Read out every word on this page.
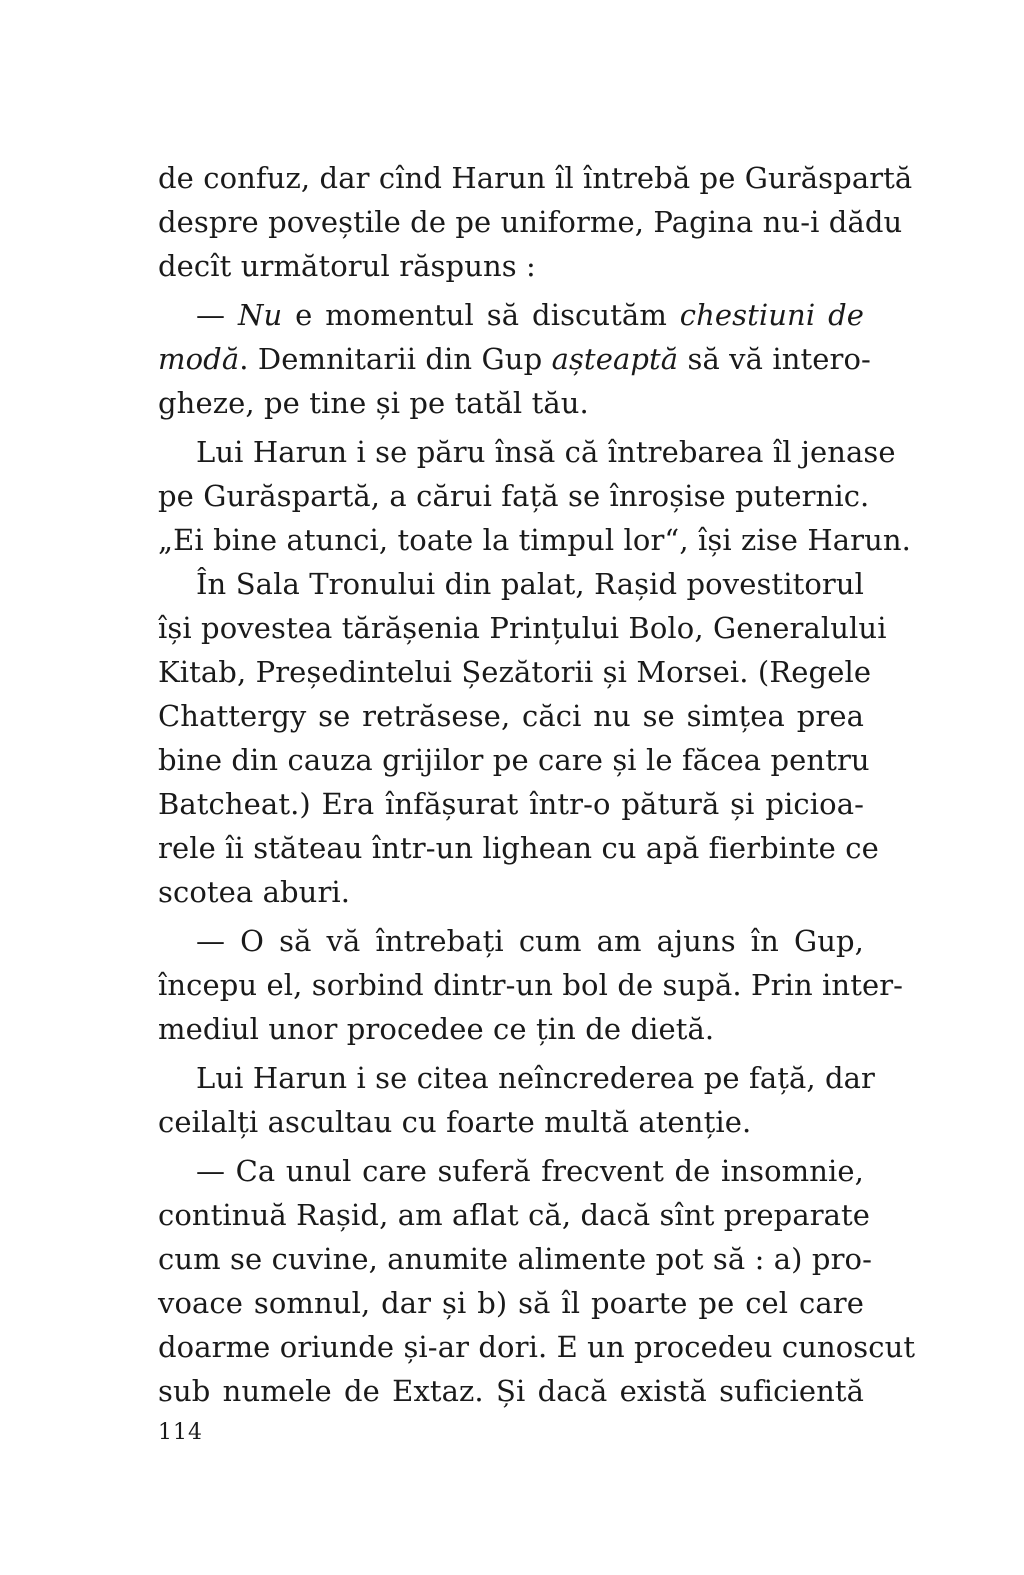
de confuz, dar cînd Harun îl întrebă pe Gurăspartă
despre poveștile de pe uniforme, Pagina nu-i dădu
decît următorul răspuns :
— Nu e momentul să discutăm chestiuni de
modă. Demnitarii din Gup așteaptă să vă intero-
gheze, pe tine și pe tatăl tău.
Lui Harun i se păru însă că întrebarea îl jenase
pe Gurăspartă, a cărui față se înroșise puternic.
„Ei bine atunci, toate la timpul lor“, își zise Harun.
În Sala Tronului din palat, Rașid povestitorul
își povestea tărășenia Prințului Bolo, Generalului
Kitab, Președintelui Șezătorii și Morsei. (Regele
Chattergy se retrăsese, căci nu se simțea prea
bine din cauza grijilor pe care și le făcea pentru
Batcheat.) Era înfășurat într-o pătură și picioa-
rele îi stăteau într-un lighean cu apă fierbinte ce
scotea aburi.
— O să vă întrebați cum am ajuns în Gup,
începu el, sorbind dintr-un bol de supă. Prin inter-
mediul unor procedee ce țin de dietă.
Lui Harun i se citea neîncrederea pe față, dar
ceilalți ascultau cu foarte multă atenție.
— Ca unul care suferă frecvent de insomnie,
continuă Rașid, am aflat că, dacă sînt preparate
cum se cuvine, anumite alimente pot să : a) pro-
voace somnul, dar și b) să îl poarte pe cel care
doarme oriunde și-ar dori. E un procedeu cunoscut
sub numele de Extaz. Și dacă există suficientă
114
